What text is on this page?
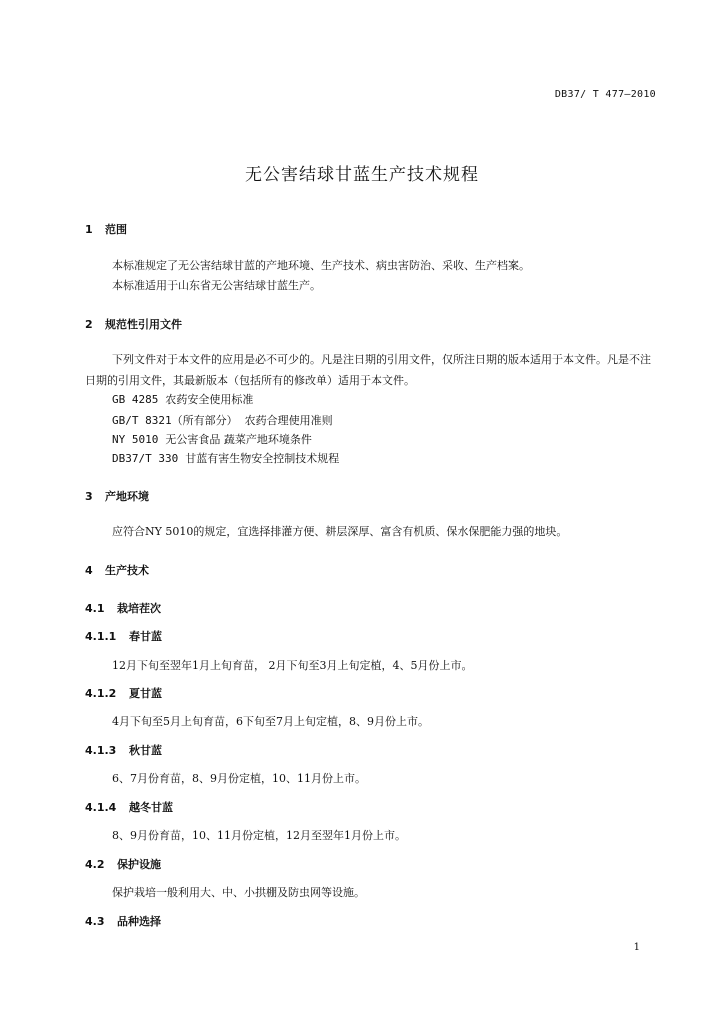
DB37/ T 477—2010
无公害结球甘蓝生产技术规程
1 范围
本标准规定了无公害结球甘蓝的产地环境、生产技术、病虫害防治、采收、生产档案。
本标准适用于山东省无公害结球甘蓝生产。
2 规范性引用文件
下列文件对于本文件的应用是必不可少的。凡是注日期的引用文件，仅所注日期的版本适用于本文件。凡是不注日期的引用文件，其最新版本（包括所有的修改单）适用于本文件。
GB 4285 农药安全使用标准
GB/T 8321（所有部分） 农药合理使用准则
NY 5010 无公害食品 蔬菜产地环境条件
DB37/T 330 甘蓝有害生物安全控制技术规程
3 产地环境
应符合NY 5010的规定，宜选择排灌方便、耕层深厚、富含有机质、保水保肥能力强的地块。
4 生产技术
4.1 栽培茬次
4.1.1 春甘蓝
12月下旬至翌年1月上旬育苗， 2月下旬至3月上旬定植，4、5月份上市。
4.1.2 夏甘蓝
4月下旬至5月上旬育苗，6下旬至7月上旬定植，8、9月份上市。
4.1.3 秋甘蓝
6、7月份育苗，8、9月份定植，10、11月份上市。
4.1.4 越冬甘蓝
8、9月份育苗，10、11月份定植，12月至翌年1月份上市。
4.2 保护设施
保护栽培一般利用大、中、小拱棚及防虫网等设施。
4.3 品种选择
1
